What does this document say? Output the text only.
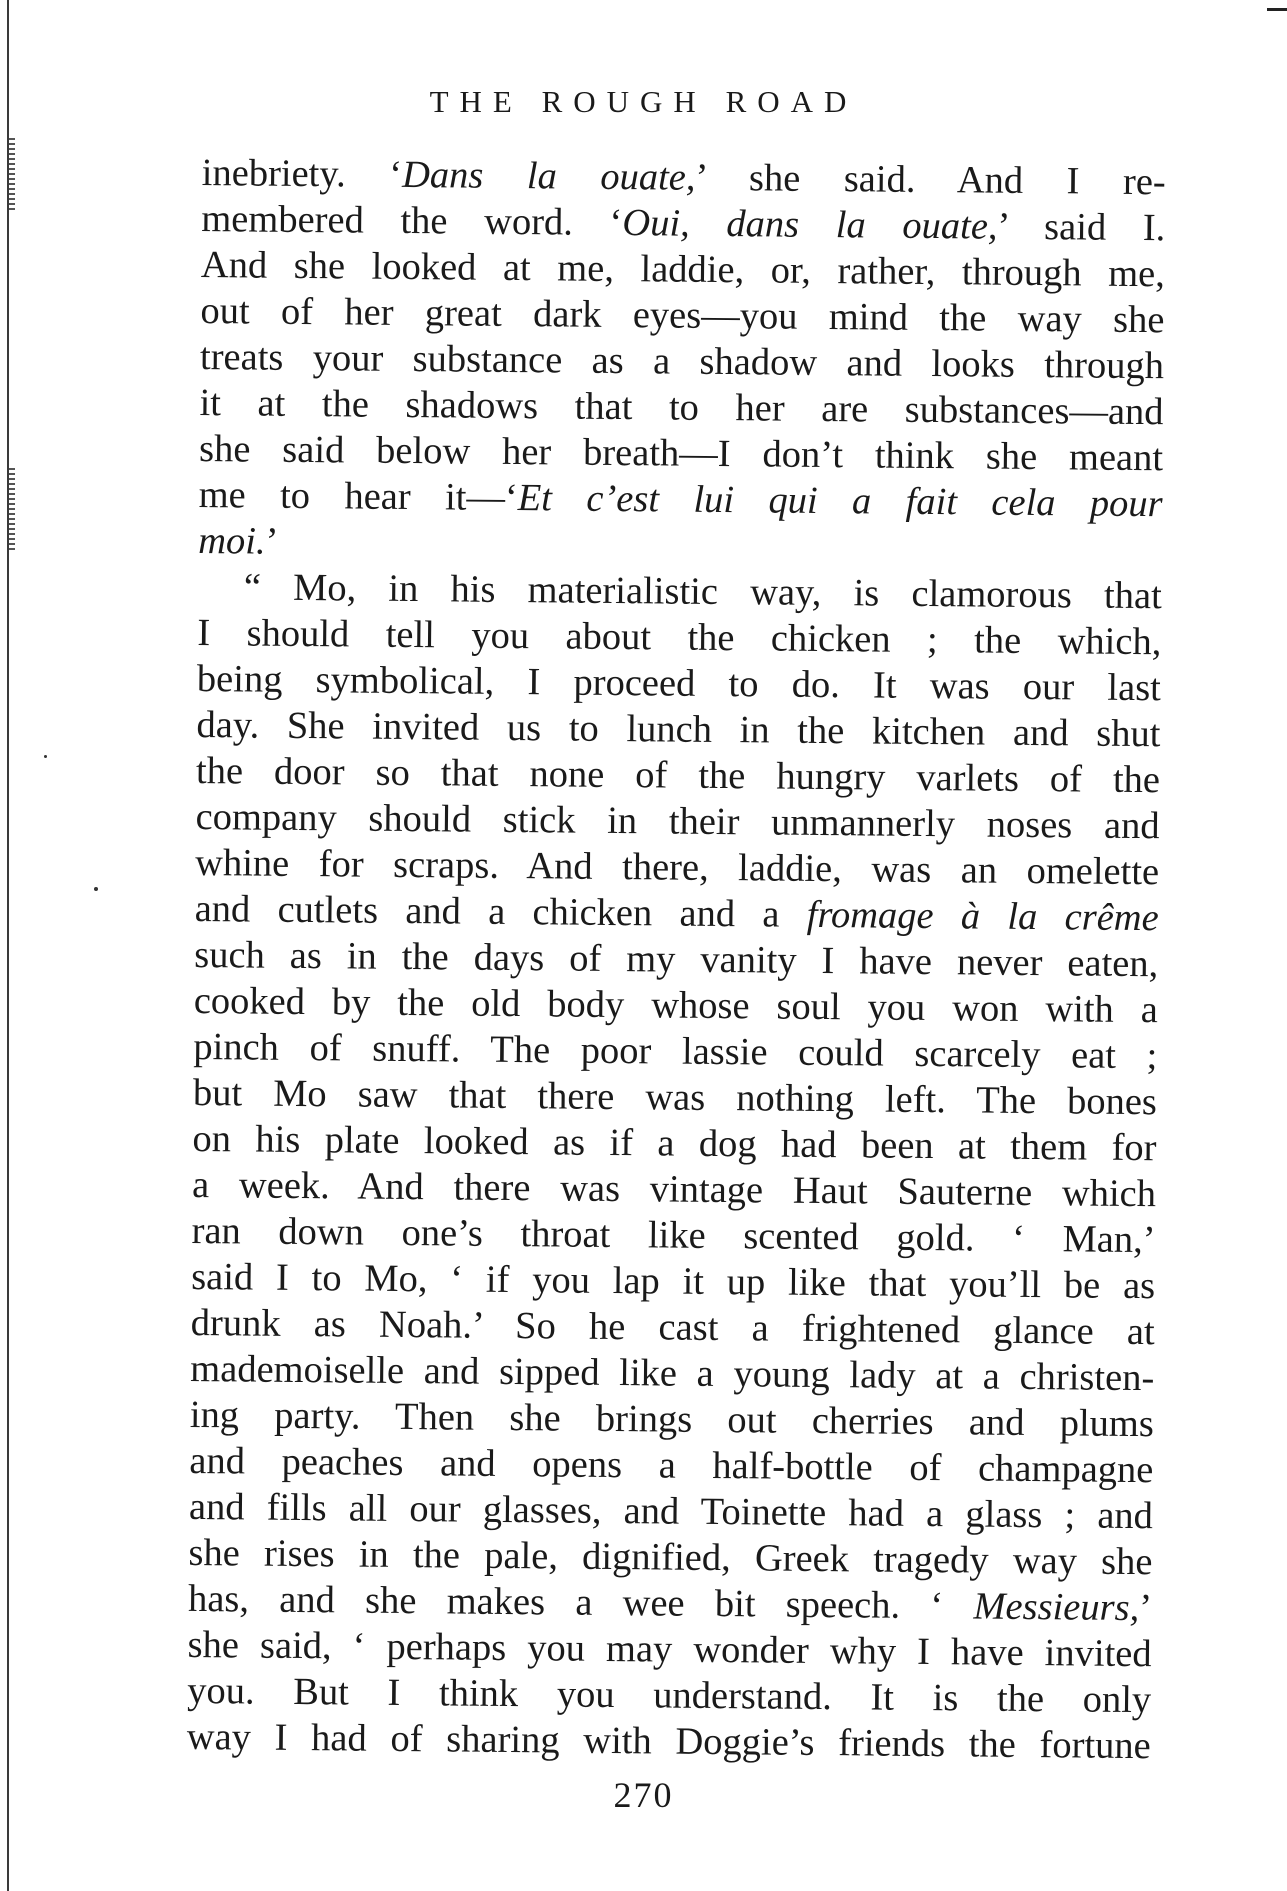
THE ROUGH ROAD
inebriety. ‘Dans la ouate,’ she said. And I re-
membered the word. ‘Oui, dans la ouate,’ said I.
And she looked at me, laddie, or, rather, through me,
out of her great dark eyes—you mind the way she
treats your substance as a shadow and looks through
it at the shadows that to her are substances—and
she said below her breath—I don’t think she meant
me to hear it—‘Et c’est lui qui a fait cela pour
moi.’
“ Mo, in his materialistic way, is clamorous that
I should tell you about the chicken ; the which,
being symbolical, I proceed to do. It was our last
day. She invited us to lunch in the kitchen and shut
the door so that none of the hungry varlets of the
company should stick in their unmannerly noses and
whine for scraps. And there, laddie, was an omelette
and cutlets and a chicken and a fromage à la crême
such as in the days of my vanity I have never eaten,
cooked by the old body whose soul you won with a
pinch of snuff. The poor lassie could scarcely eat ;
but Mo saw that there was nothing left. The bones
on his plate looked as if a dog had been at them for
a week. And there was vintage Haut Sauterne which
ran down one’s throat like scented gold. ‘ Man,’
said I to Mo, ‘ if you lap it up like that you’ll be as
drunk as Noah.’ So he cast a frightened glance at
mademoiselle and sipped like a young lady at a christen-
ing party. Then she brings out cherries and plums
and peaches and opens a half-bottle of champagne
and fills all our glasses, and Toinette had a glass ; and
she rises in the pale, dignified, Greek tragedy way she
has, and she makes a wee bit speech. ‘ Messieurs,’
she said, ‘ perhaps you may wonder why I have invited
you. But I think you understand. It is the only
way I had of sharing with Doggie’s friends the fortune
270
